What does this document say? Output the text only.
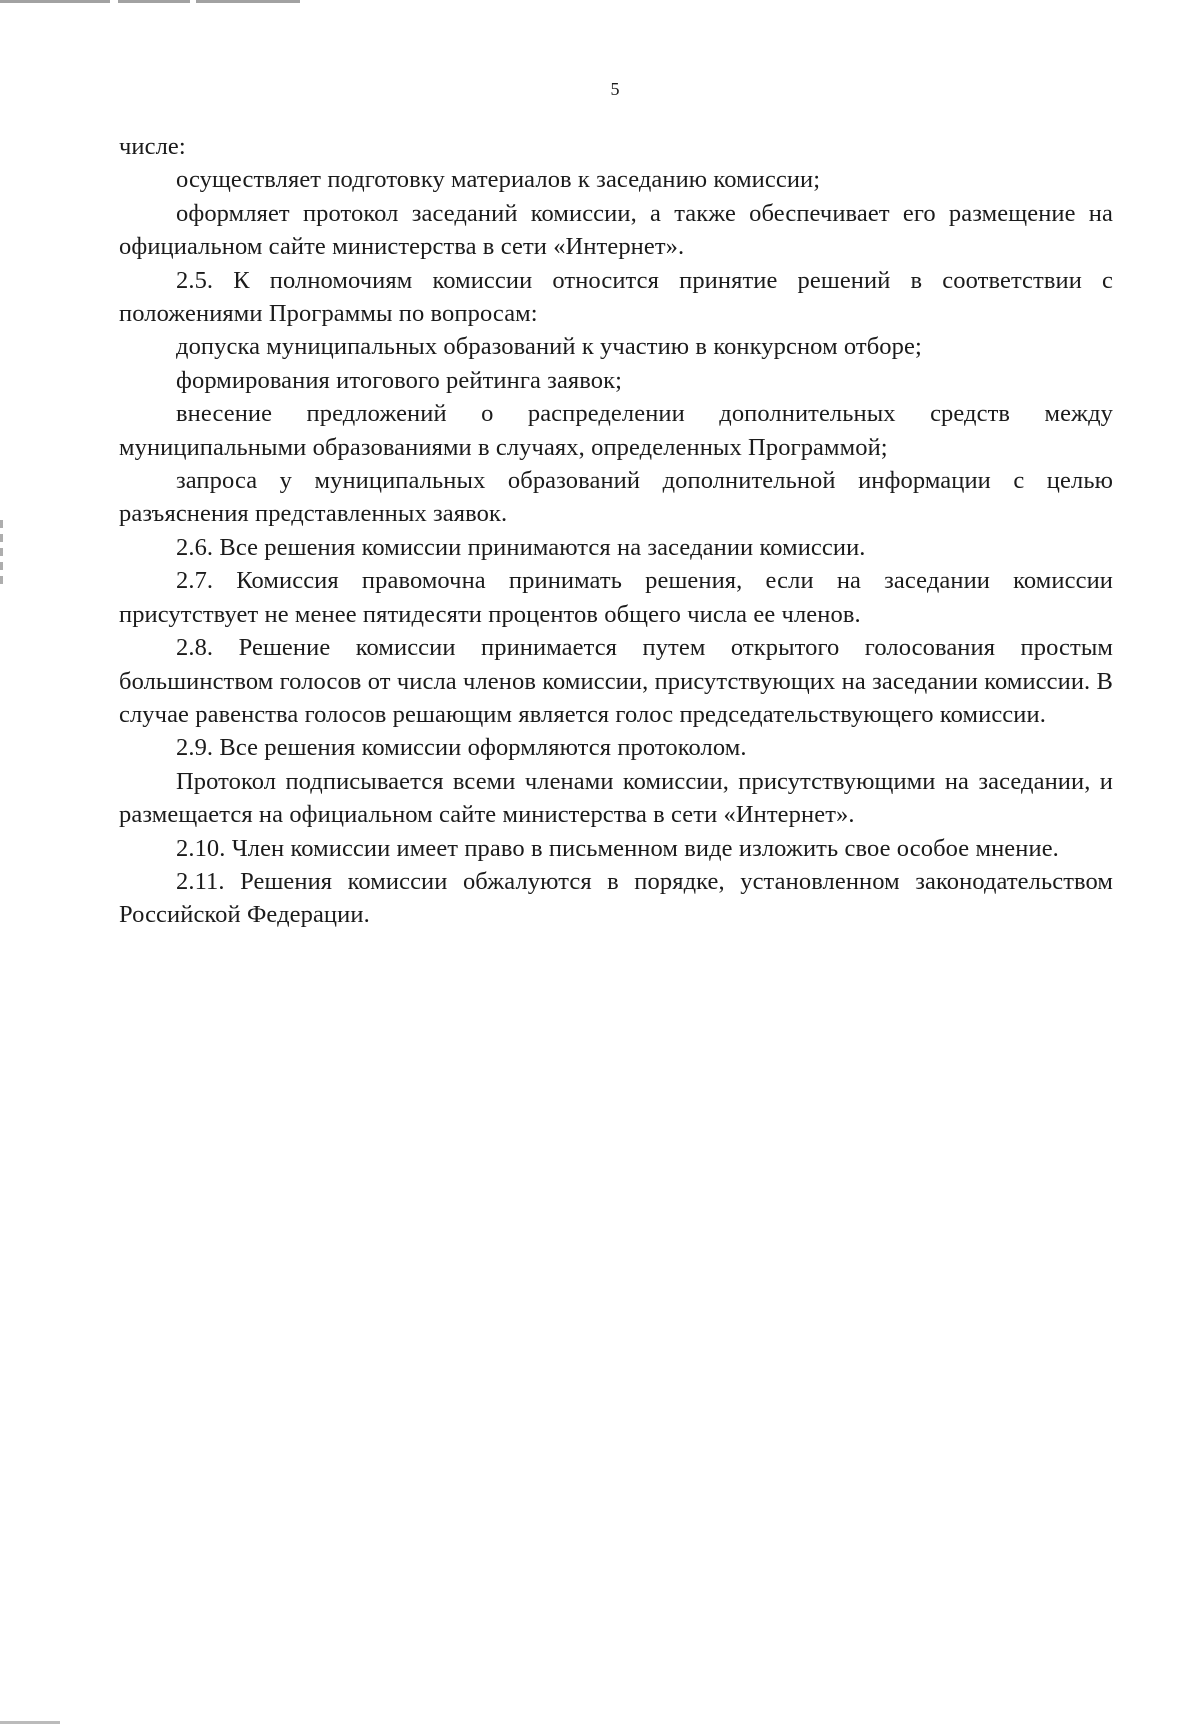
5

числе:

осуществляет подготовку материалов к заседанию комиссии;

оформляет протокол заседаний комиссии, а также обеспечивает его размещение на официальном сайте министерства в сети «Интернет».

2.5. К полномочиям комиссии относится принятие решений в соответствии с положениями Программы по вопросам:

допуска муниципальных образований к участию в конкурсном отборе;

формирования итогового рейтинга заявок;

внесение предложений о распределении дополнительных средств между муниципальными образованиями в случаях, определенных Программой;

запроса у муниципальных образований дополнительной информации с целью разъяснения представленных заявок.

2.6. Все решения комиссии принимаются на заседании комиссии.

2.7. Комиссия правомочна принимать решения, если на заседании комиссии присутствует не менее пятидесяти процентов общего числа ее членов.

2.8. Решение комиссии принимается путем открытого голосования простым большинством голосов от числа членов комиссии, присутствующих на заседании комиссии. В случае равенства голосов решающим является голос председательствующего комиссии.

2.9. Все решения комиссии оформляются протоколом.

Протокол подписывается всеми членами комиссии, присутствующими на заседании, и размещается на официальном сайте министерства в сети «Интернет».

2.10. Член комиссии имеет право в письменном виде изложить свое особое мнение.

2.11. Решения комиссии обжалуются в порядке, установленном законодательством Российской Федерации.
